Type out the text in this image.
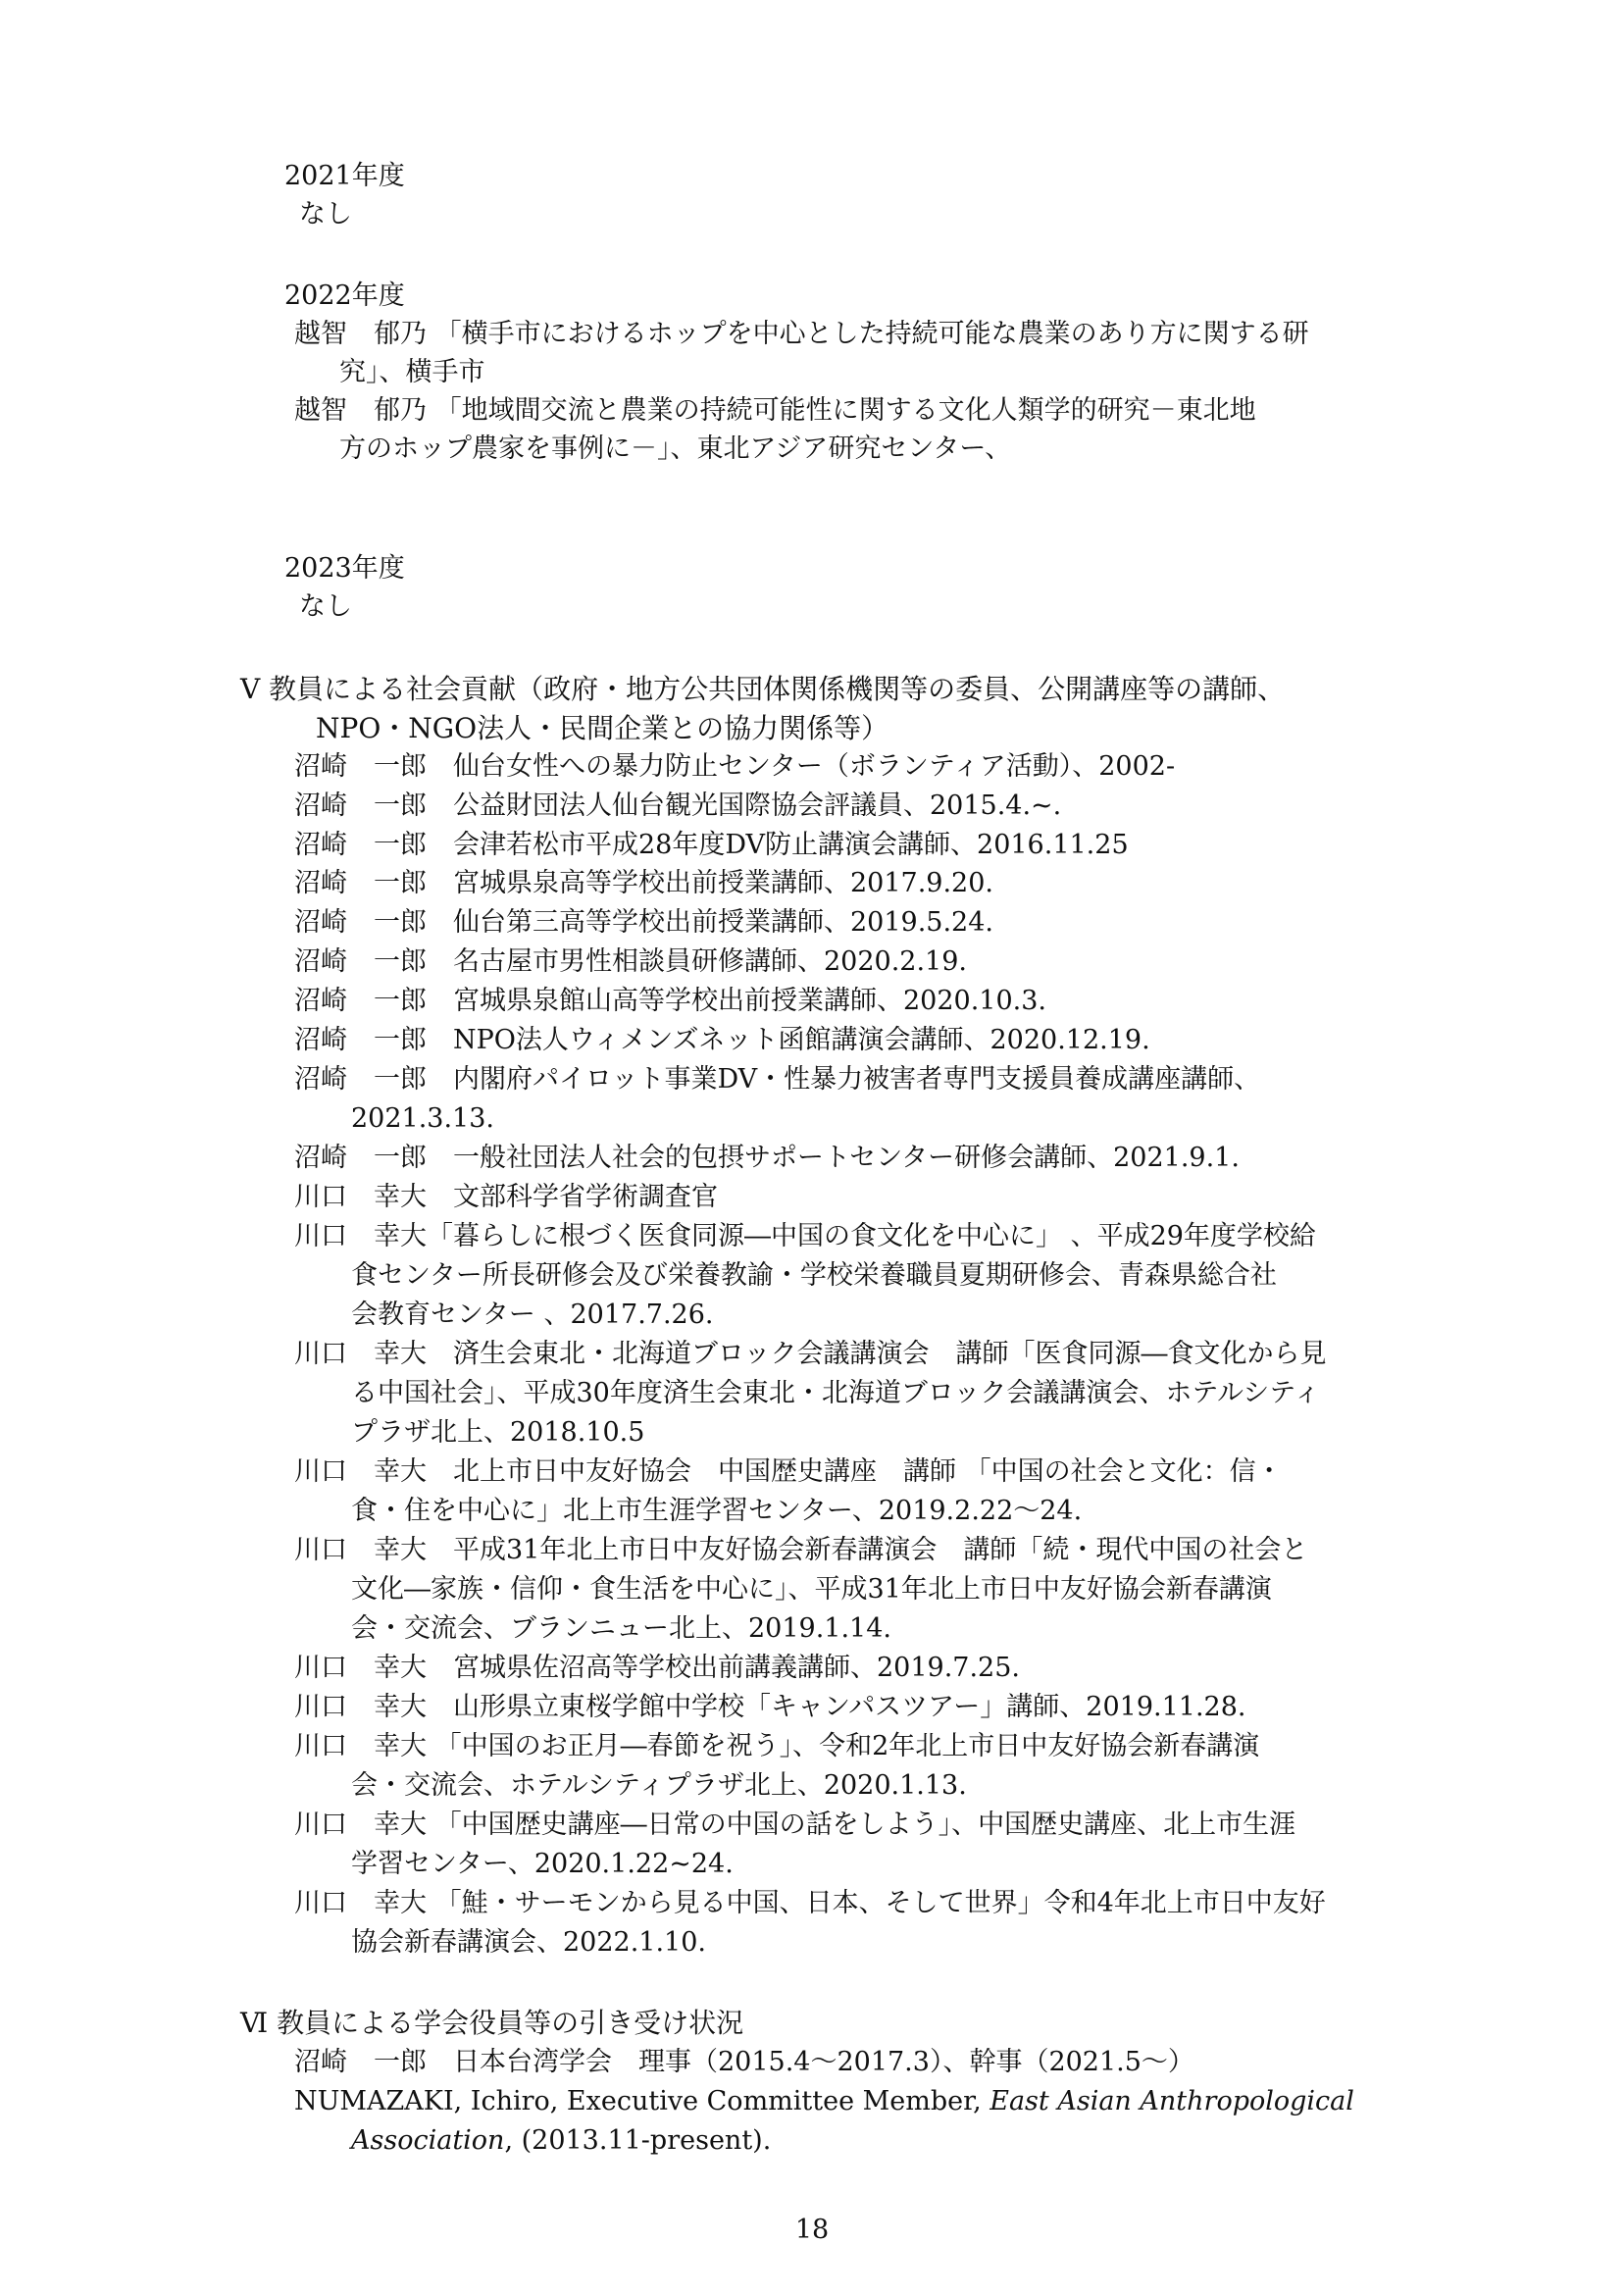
2021年度
なし
2022年度
越智　郁乃 「横手市におけるホップを中心とした持続可能な農業のあり方に関する研
究」、横手市
越智　郁乃 「地域間交流と農業の持続可能性に関する文化人類学的研究－東北地
方のホップ農家を事例に－」、東北アジア研究センター、
2023年度
なし
Ⅴ 教員による社会貢献（政府・地方公共団体関係機関等の委員、公開講座等の講師、
NPO・NGO法人・民間企業との協力関係等）
沼崎　一郎　仙台女性への暴力防止センター（ボランティア活動）、2002-
沼崎　一郎　公益財団法人仙台観光国際協会評議員、2015.4.~.
沼崎　一郎　会津若松市平成28年度DV防止講演会講師、2016.11.25
沼崎　一郎　宮城県泉高等学校出前授業講師、2017.9.20.
沼崎　一郎　仙台第三高等学校出前授業講師、2019.5.24.
沼崎　一郎　名古屋市男性相談員研修講師、2020.2.19.
沼崎　一郎　宮城県泉館山高等学校出前授業講師、2020.10.3.
沼崎　一郎　NPO法人ウィメンズネット函館講演会講師、2020.12.19.
沼崎　一郎　内閣府パイロット事業DV・性暴力被害者専門支援員養成講座講師、
2021.3.13.
沼崎　一郎　一般社団法人社会的包摂サポートセンター研修会講師、2021.9.1.
川口　幸大　文部科学省学術調査官
川口　幸大「暮らしに根づく医食同源―中国の食文化を中心に」 、平成29年度学校給
食センター所長研修会及び栄養教諭・学校栄養職員夏期研修会、青森県総合社
会教育センター 、2017.7.26.
川口　幸大　済生会東北・北海道ブロック会議講演会　講師「医食同源―食文化から見
る中国社会」、平成30年度済生会東北・北海道ブロック会議講演会、ホテルシティ
プラザ北上、2018.10.5
川口　幸大　北上市日中友好協会　中国歴史講座　講師 「中国の社会と文化：信・
食・住を中心に」北上市生涯学習センター、2019.2.22～24.
川口　幸大　平成31年北上市日中友好協会新春講演会　講師「続・現代中国の社会と
文化―家族・信仰・食生活を中心に」、平成31年北上市日中友好協会新春講演
会・交流会、ブランニュー北上、2019.1.14.
川口　幸大　宮城県佐沼高等学校出前講義講師、2019.7.25.
川口　幸大　山形県立東桜学館中学校「キャンパスツアー」講師、2019.11.28.
川口　幸大 「中国のお正月―春節を祝う」、令和2年北上市日中友好協会新春講演
会・交流会、ホテルシティプラザ北上、2020.1.13.
川口　幸大 「中国歴史講座―日常の中国の話をしよう」、中国歴史講座、北上市生涯
学習センター、2020.1.22~24.
川口　幸大 「鮭・サーモンから見る中国、日本、そして世界」令和4年北上市日中友好
協会新春講演会、2022.1.10.
Ⅵ 教員による学会役員等の引き受け状況
沼崎　一郎　日本台湾学会　理事（2015.4～2017.3）、幹事（2021.5～）
NUMAZAKI, Ichiro, Executive Committee Member, East Asian Anthropological
Association, (2013.11-present).
18
